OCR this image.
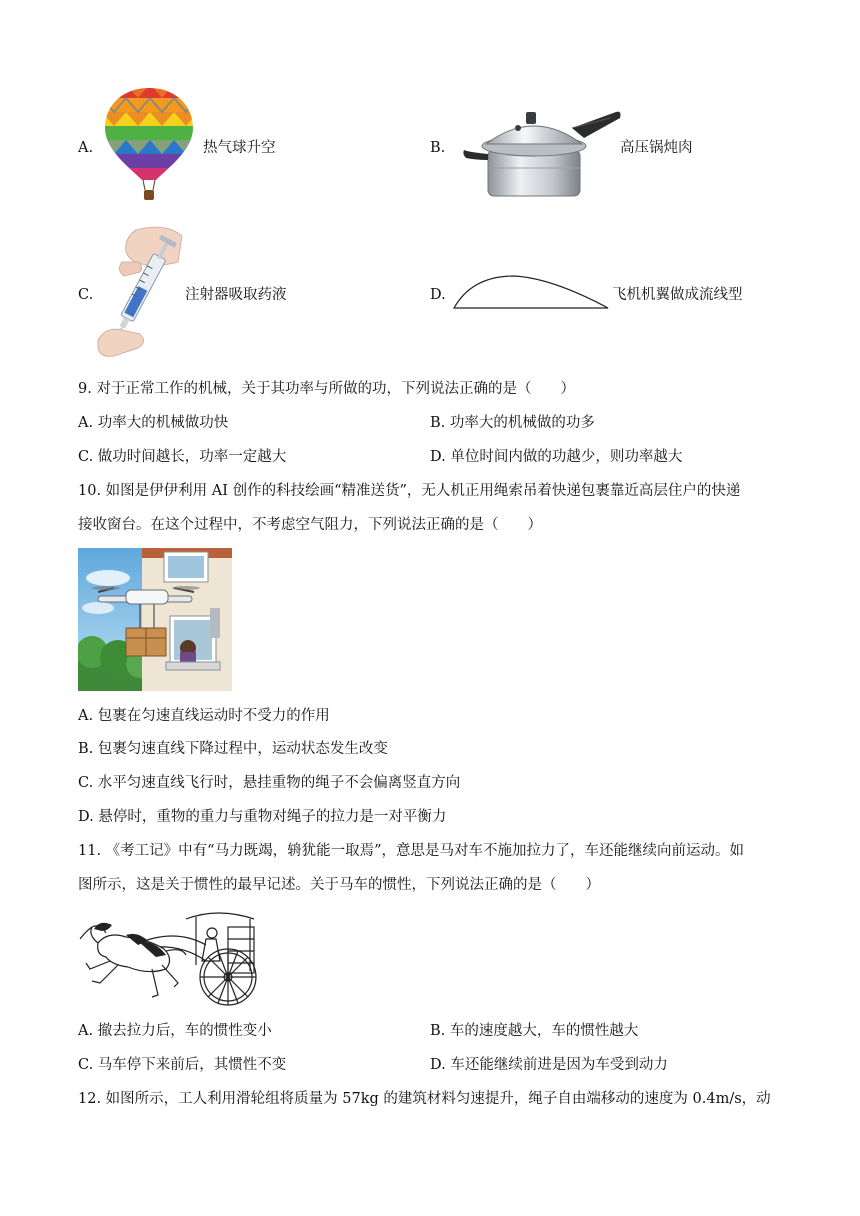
A.	热气球升空	B.	高压锅炖肉
C.	注射器吸取药液	D.	飞机机翼做成流线型
9. 对于正常工作的机械，关于其功率与所做的功，下列说法正确的是（　　）
A. 功率大的机械做功快	B. 功率大的机械做的功多
C. 做功时间越长，功率一定越大	D. 单位时间内做的功越少，则功率越大
10. 如图是伊伊利用 AI 创作的科技绘画“精准送货”，无人机正用绳索吊着快递包裹靠近高层住户的快递
接收窗台。在这个过程中，不考虑空气阻力，下列说法正确的是（　　）
A. 包裹在匀速直线运动时不受力的作用
B. 包裹匀速直线下降过程中，运动状态发生改变
C. 水平匀速直线飞行时，悬挂重物的绳子不会偏离竖直方向
D. 悬停时，重物的重力与重物对绳子的拉力是一对平衡力
11. 《考工记》中有“马力既竭，辀犹能一取焉”，意思是马对车不施加拉力了，车还能继续向前运动。如
图所示，这是关于惯性的最早记述。关于马车的惯性，下列说法正确的是（　　）
A. 撤去拉力后，车的惯性变小	B. 车的速度越大，车的惯性越大
C. 马车停下来前后，其惯性不变	D. 车还能继续前进是因为车受到动力
12. 如图所示，工人利用滑轮组将质量为 57kg 的建筑材料匀速提升，绳子自由端移动的速度为 0.4m/s，动
